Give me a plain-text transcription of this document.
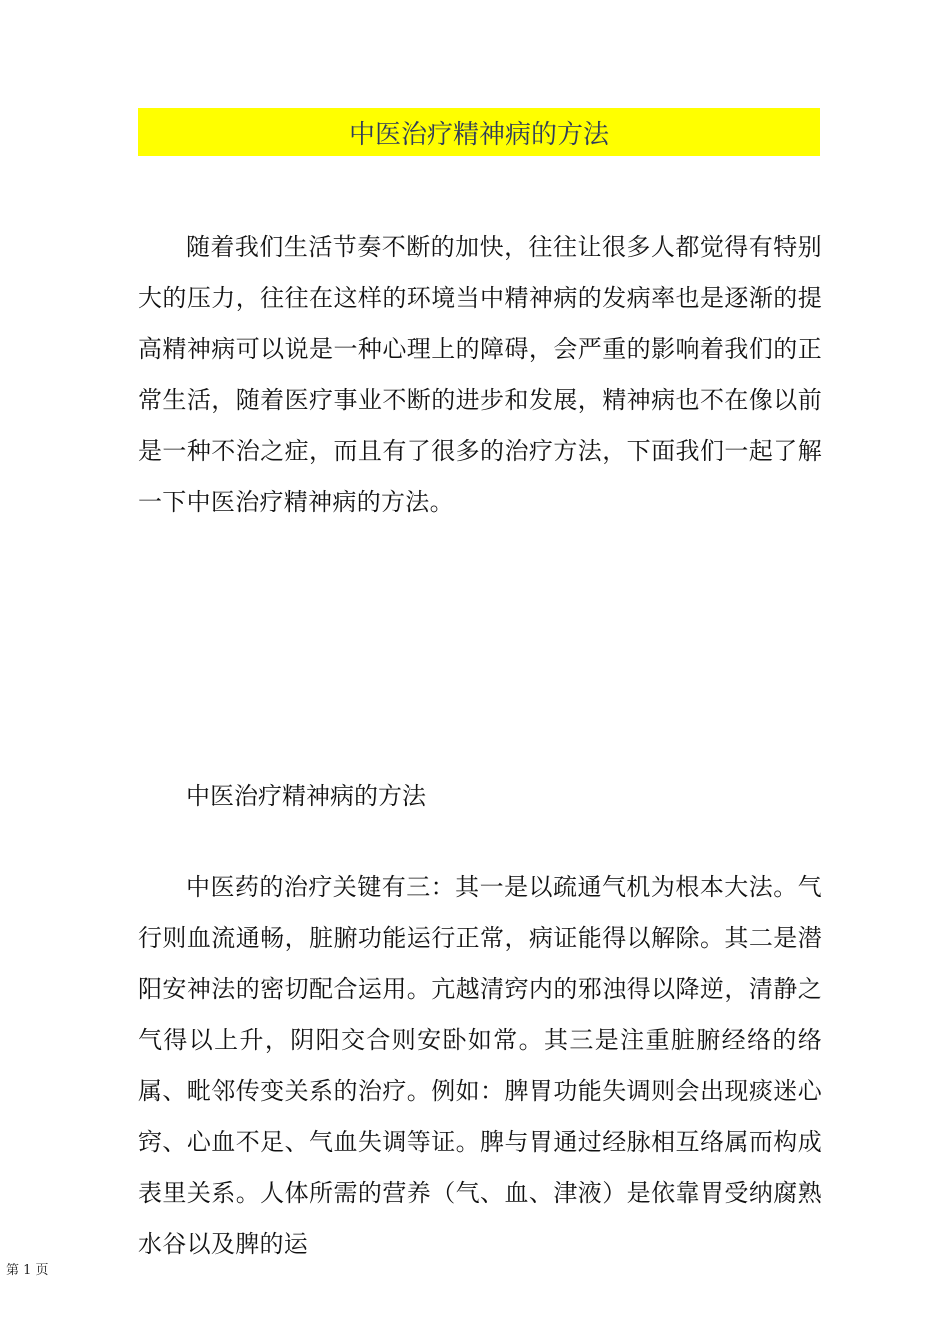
中医治疗精神病的方法

随着我们生活节奏不断的加快，往往让很多人都觉得有特别大的压力，往往在这样的环境当中精神病的发病率也是逐渐的提高精神病可以说是一种心理上的障碍，会严重的影响着我们的正常生活，随着医疗事业不断的进步和发展，精神病也不在像以前是一种不治之症，而且有了很多的治疗方法，下面我们一起了解一下中医治疗精神病的方法。

中医治疗精神病的方法

中医药的治疗关键有三：其一是以疏通气机为根本大法。气行则血流通畅，脏腑功能运行正常，病证能得以解除。其二是潜阳安神法的密切配合运用。亢越清窍内的邪浊得以降逆，清静之气得以上升，阴阳交合则安卧如常。其三是注重脏腑经络的络属、毗邻传变关系的治疗。例如：脾胃功能失调则会出现痰迷心窍、心血不足、气血失调等证。脾与胃通过经脉相互络属而构成表里关系。人体所需的营养（气、血、津液）是依靠胃受纳腐熟水谷以及脾的运

第 1 页
